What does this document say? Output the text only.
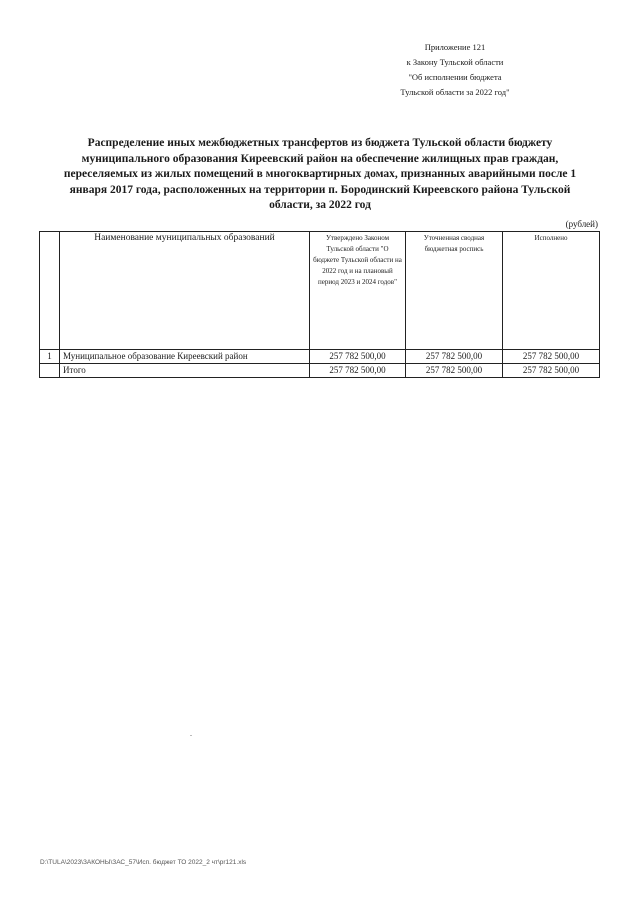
Приложение 121
к Закону Тульской области
"Об исполнении бюджета
Тульской области за 2022 год"
Распределение иных межбюджетных трансфертов из бюджета Тульской области бюджету муниципального образования Киреевский район на обеспечение жилищных прав граждан, переселяемых из жилых помещений в многоквартирных домах, признанных аварийными после 1 января 2017 года, расположенных на территории п. Бородинский Киреевского района Тульской области, за 2022 год
(рублей)
	Наименование муниципальных образований	Утверждено Законом Тульской области "О бюджете Тульской области на 2022 год и на плановый период 2023 и 2024 годов"	Уточненная сводная бюджетная роспись	Исполнено
1	Муниципальное образование Киреевский район	257 782 500,00	257 782 500,00	257 782 500,00
	Итого	257 782 500,00	257 782 500,00	257 782 500,00
D:\TULA\2023\ЗАКОНЫ\ЗАС_57\Исп. бюджет ТО 2022_2 чт\pr121.xls
